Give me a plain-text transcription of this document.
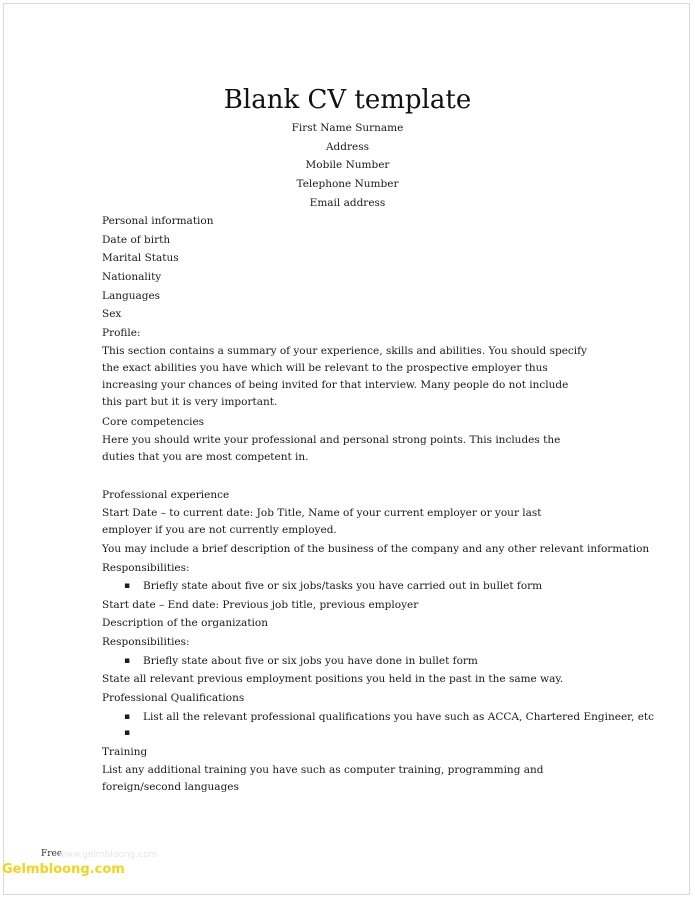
Blank CV template
First Name Surname
Address
Mobile Number
Telephone Number
Email address
Personal information
Date of birth
Marital Status
Nationality
Languages
Sex
Profile:
This section contains a summary of your experience, skills and abilities. You should specify the exact abilities you have which will be relevant to the prospective employer thus increasing your chances of being invited for that interview. Many people do not include this part but it is very important.
Core competencies
Here you should write your professional and personal strong points. This includes the duties that you are most competent in.
Professional experience
Start Date – to current date: Job Title, Name of your current employer or your last employer if you are not currently employed.
You may include a brief description of the business of the company and any other relevant information
Responsibilities:
▪ Briefly state about five or six jobs/tasks you have carried out in bullet form
Start date – End date: Previous job title, previous employer
Description of the organization
Responsibilities:
▪ Briefly state about five or six jobs you have done in bullet form
State all relevant previous employment positions you held in the past in the same way.
Professional Qualifications
▪ List all the relevant professional qualifications you have such as ACCA, Chartered Engineer, etc
▪
Training
List any additional training you have such as computer training, programming and foreign/second languages
Free
www.gelmbloong.com
Gelmbloong.com
